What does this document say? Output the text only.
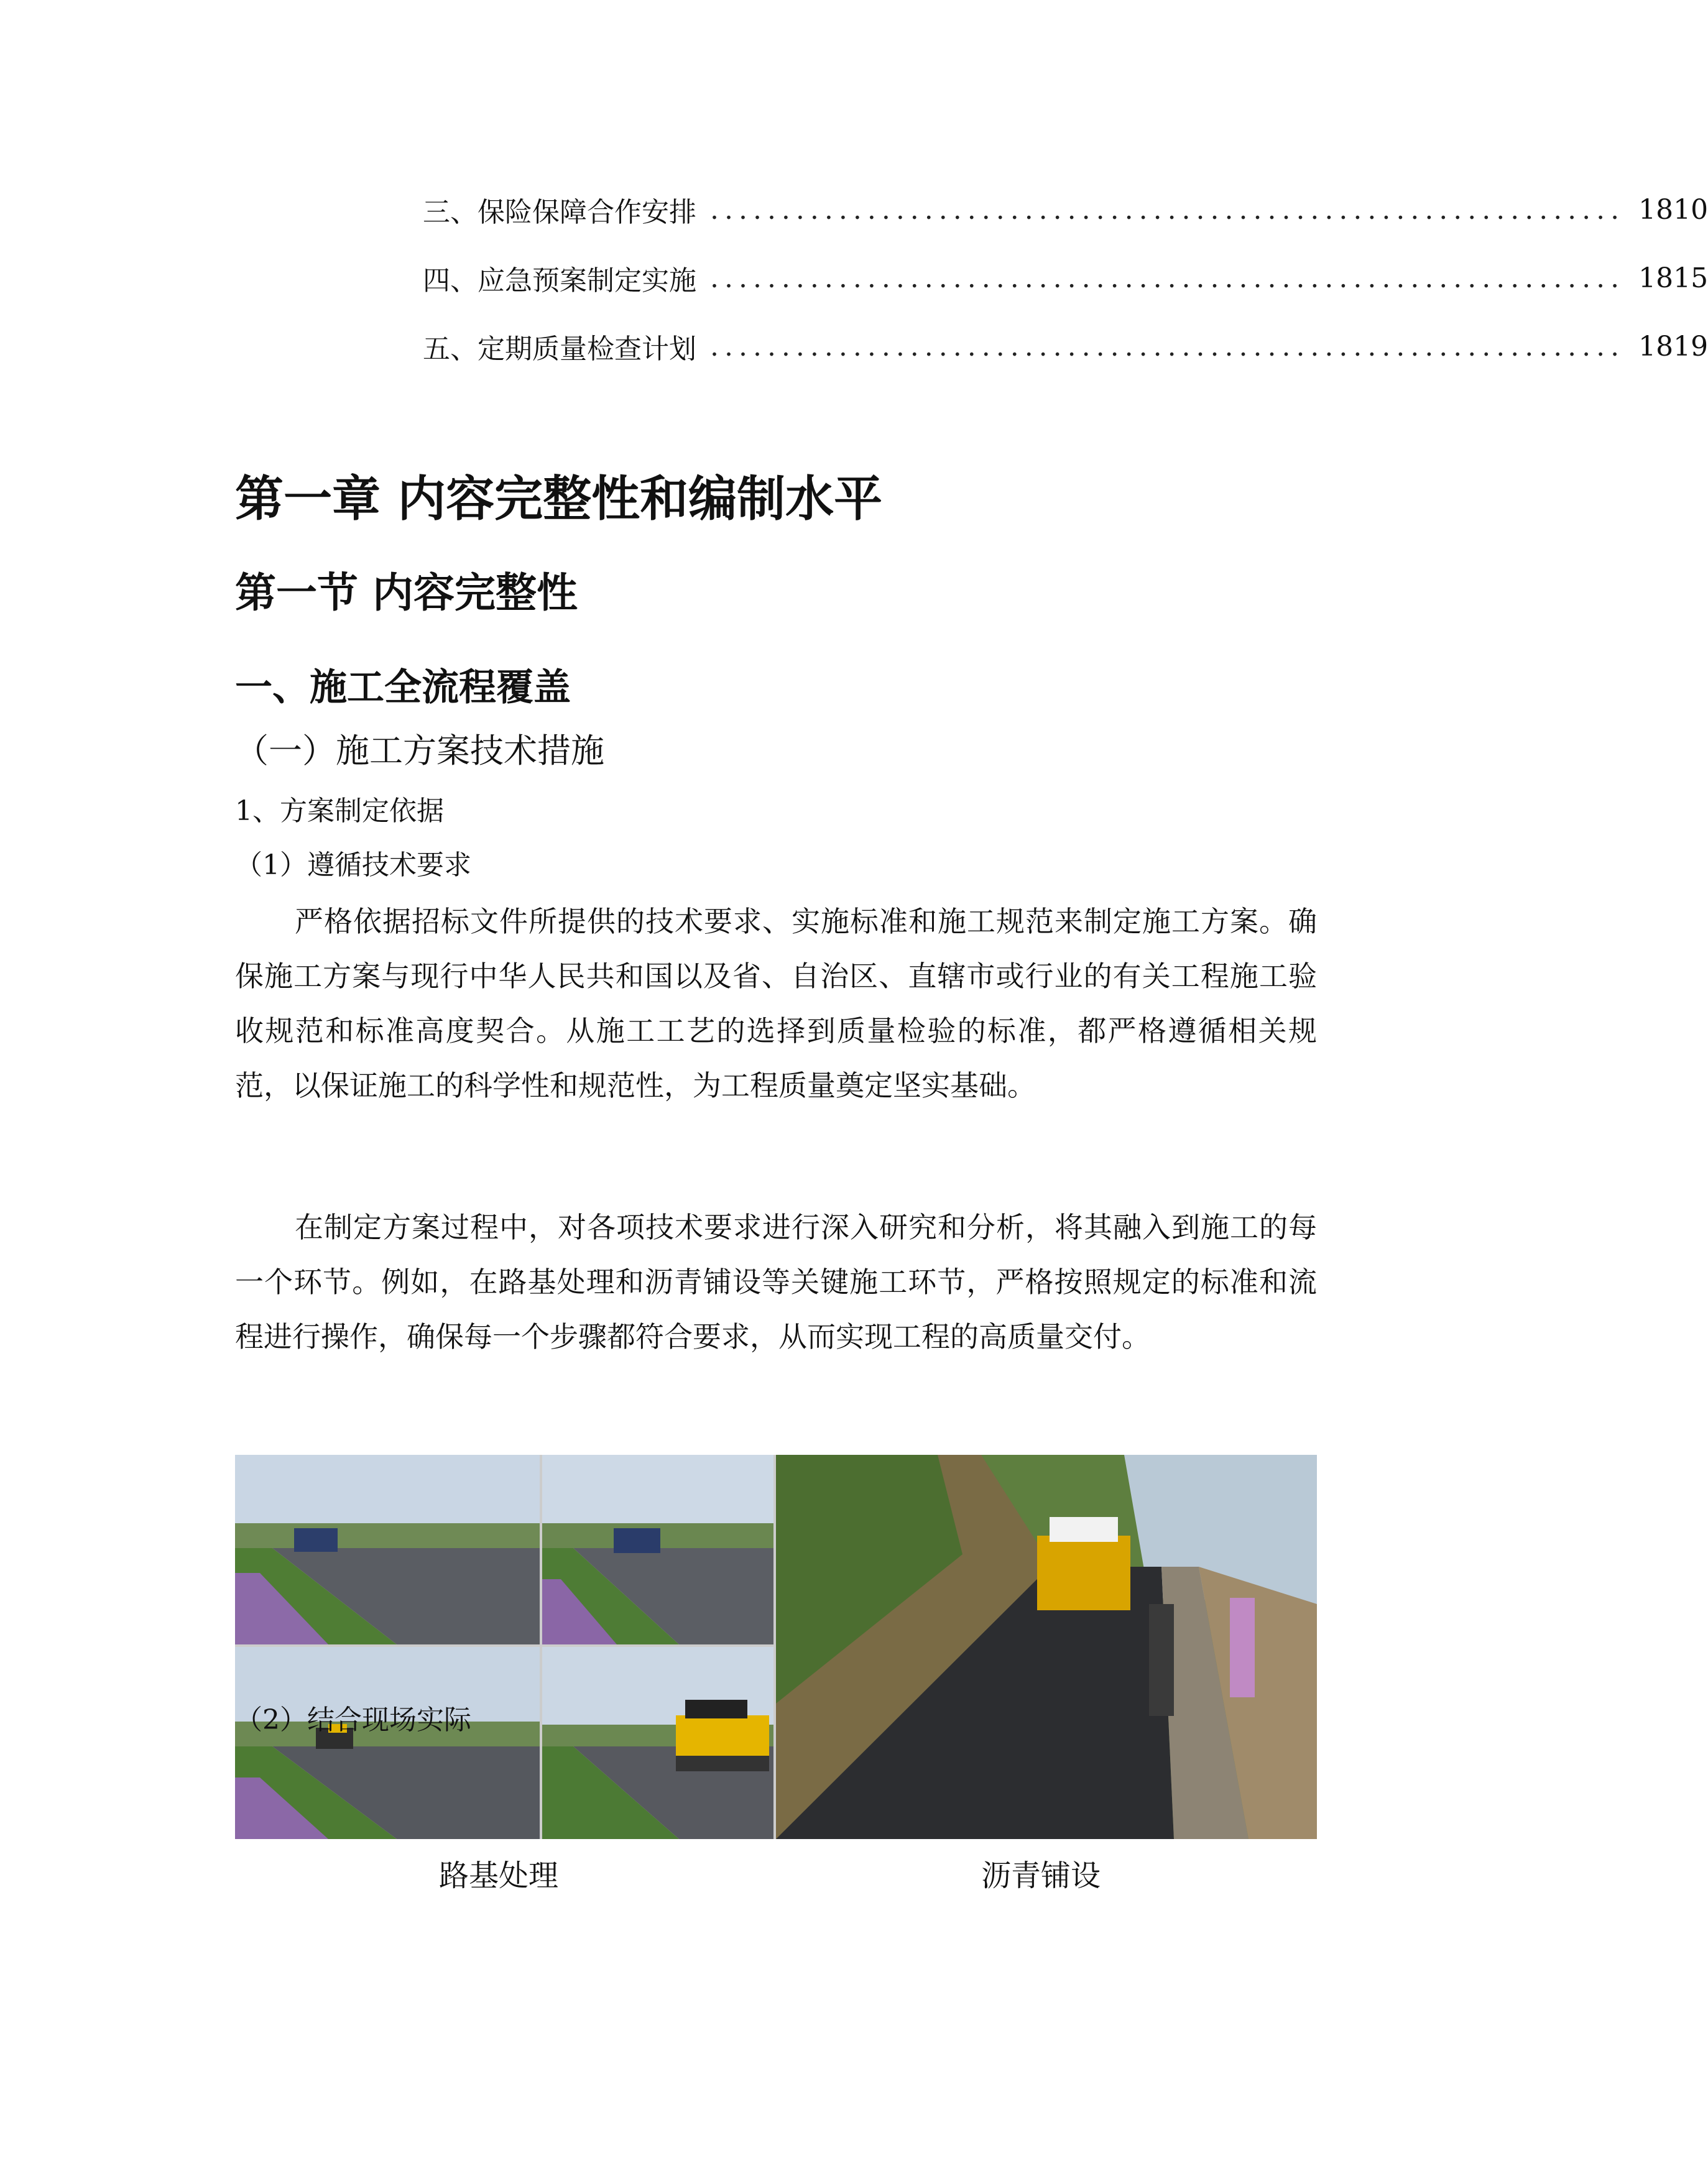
三、 保险保障合作安排 ................................................................ 1810
四、 应急预案制定实施 ................................................................ 1815
五、 定期质量检查计划 ................................................................ 1819
第一章 内容完整性和编制水平
第一节 内容完整性
一、施工全流程覆盖
（一）施工方案技术措施
1、方案制定依据
（1）遵循技术要求

严格依据招标文件所提供的技术要求、实施标准和施工规范来制定施工方案。确保施工方案与现行中华人民共和国以及省、自治区、直辖市或行业的有关工程施工验收规范和标准高度契合。从施工工艺的选择到质量检验的标准，都严格遵循相关规范，以保证施工的科学性和规范性，为工程质量奠定坚实基础。

在制定方案过程中，对各项技术要求进行深入研究和分析，将其融入到施工的每一个环节。例如，在路基处理和沥青铺设等关键施工环节，严格按照规定的标准和流程进行操作，确保每一个步骤都符合要求，从而实现工程的高质量交付。

路基处理	沥青铺设
（2）结合现场实际
